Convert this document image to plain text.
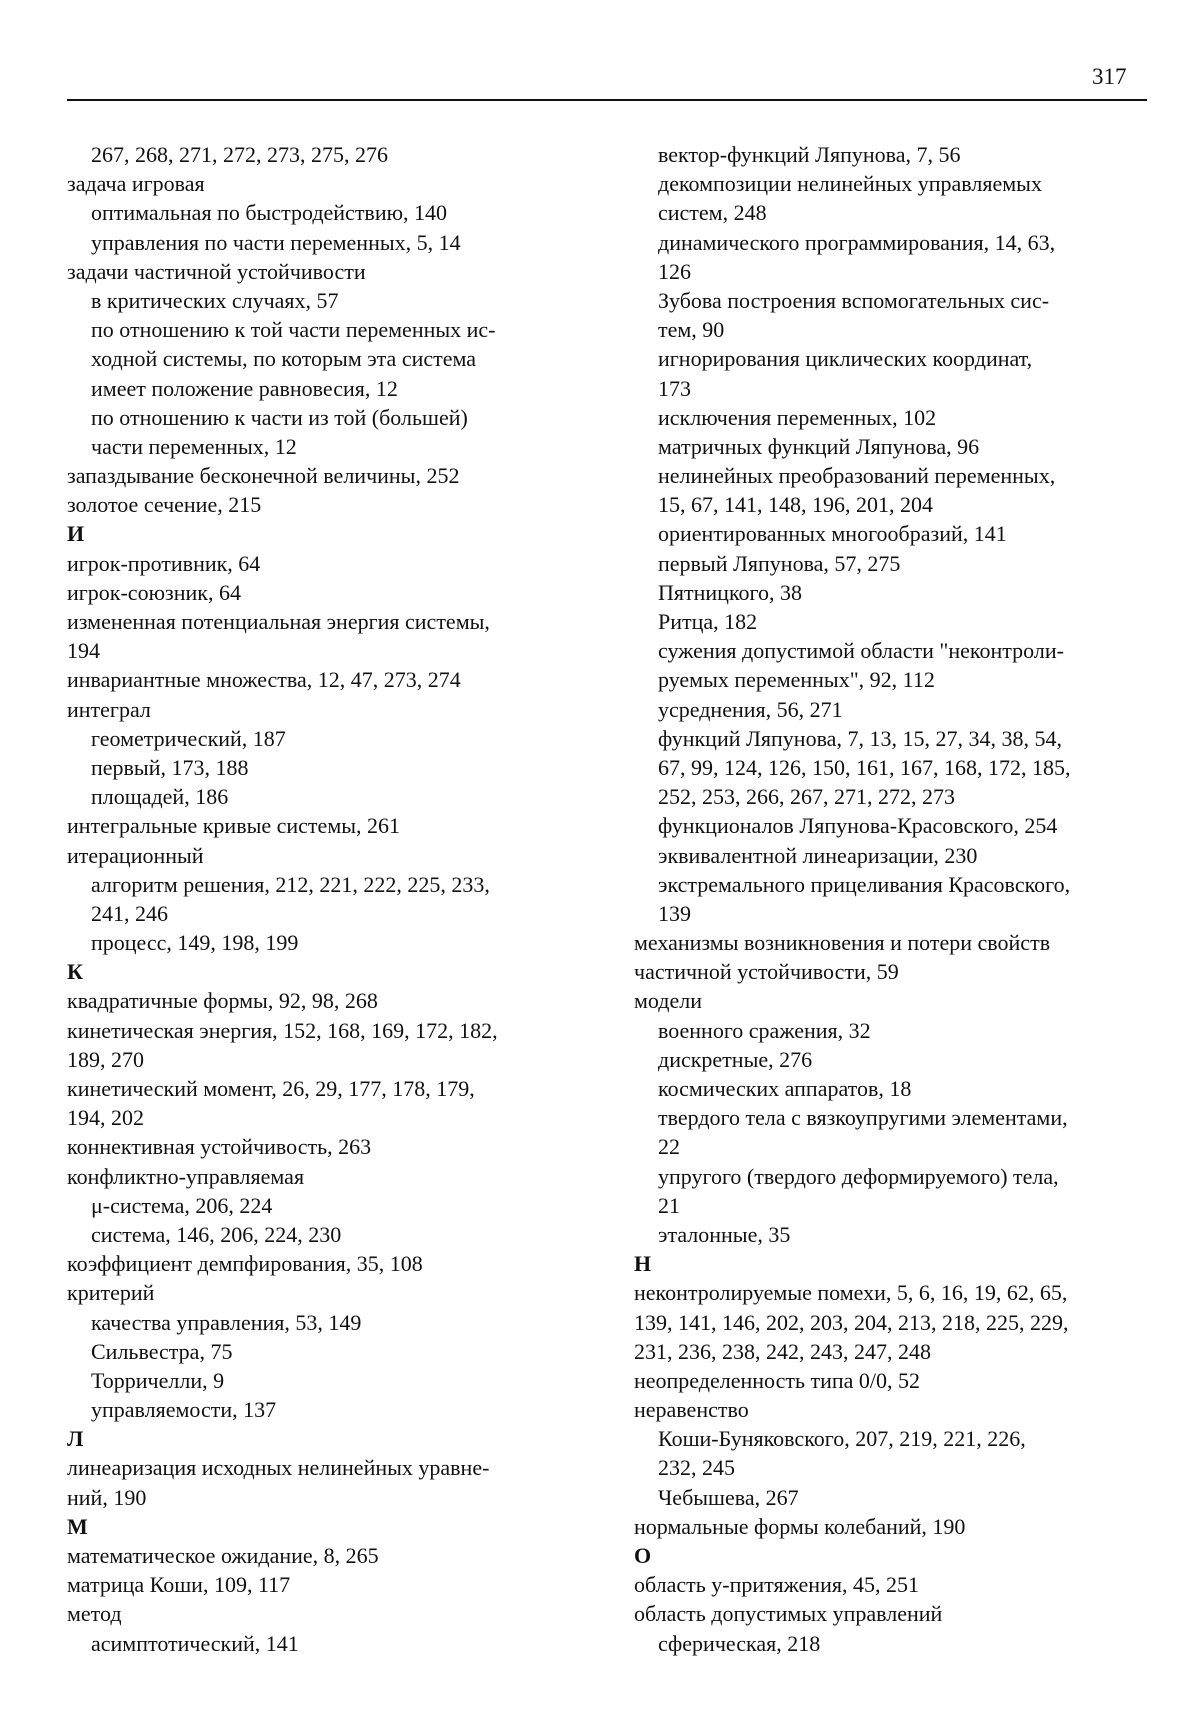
317
267, 268, 271, 272, 273, 275, 276
задача игровая
оптимальная по быстродействию, 140
управления по части переменных, 5, 14
задачи частичной устойчивости
в критических случаях, 57
по отношению к той части переменных ис-
ходной системы, по которым эта система
имеет положение равновесия, 12
по отношению к части из той (большей)
части переменных, 12
запаздывание бесконечной величины, 252
золотое сечение, 215
И
игрок-противник, 64
игрок-союзник, 64
измененная потенциальная энергия системы,
194
инвариантные множества, 12, 47, 273, 274
интеграл
геометрический, 187
первый, 173, 188
площадей, 186
интегральные кривые системы, 261
итерационный
алгоритм решения, 212, 221, 222, 225, 233,
241, 246
процесс, 149, 198, 199
К
квадратичные формы, 92, 98, 268
кинетическая энергия, 152, 168, 169, 172, 182,
189, 270
кинетический момент, 26, 29, 177, 178, 179,
194, 202
коннективная устойчивость, 263
конфликтно-управляемая
μ-система, 206, 224
система, 146, 206, 224, 230
коэффициент демпфирования, 35, 108
критерий
качества управления, 53, 149
Сильвестра, 75
Торричелли, 9
управляемости, 137
Л
линеаризация исходных нелинейных уравне-
ний, 190
М
математическое ожидание, 8, 265
матрица Коши, 109, 117
метод
асимптотический, 141
вектор-функций Ляпунова, 7, 56
декомпозиции нелинейных управляемых
систем, 248
динамического программирования, 14, 63,
126
Зубова построения вспомогательных сис-
тем, 90
игнорирования циклических координат,
173
исключения переменных, 102
матричных функций Ляпунова, 96
нелинейных преобразований переменных,
15, 67, 141, 148, 196, 201, 204
ориентированных многообразий, 141
первый Ляпунова, 57, 275
Пятницкого, 38
Ритца, 182
сужения допустимой области "неконтроли-
руемых переменных", 92, 112
усреднения, 56, 271
функций Ляпунова, 7, 13, 15, 27, 34, 38, 54,
67, 99, 124, 126, 150, 161, 167, 168, 172, 185,
252, 253, 266, 267, 271, 272, 273
функционалов Ляпунова-Красовского, 254
эквивалентной линеаризации, 230
экстремального прицеливания Красовского,
139
механизмы возникновения и потери свойств
частичной устойчивости, 59
модели
военного сражения, 32
дискретные, 276
космических аппаратов, 18
твердого тела с вязкоупругими элементами,
22
упругого (твердого деформируемого) тела,
21
эталонные, 35
Н
неконтролируемые помехи, 5, 6, 16, 19, 62, 65,
139, 141, 146, 202, 203, 204, 213, 218, 225, 229,
231, 236, 238, 242, 243, 247, 248
неопределенность типа 0/0, 52
неравенство
Коши-Буняковского, 207, 219, 221, 226,
232, 245
Чебышева, 267
нормальные формы колебаний, 190
О
область y-притяжения, 45, 251
область допустимых управлений
сферическая, 218
